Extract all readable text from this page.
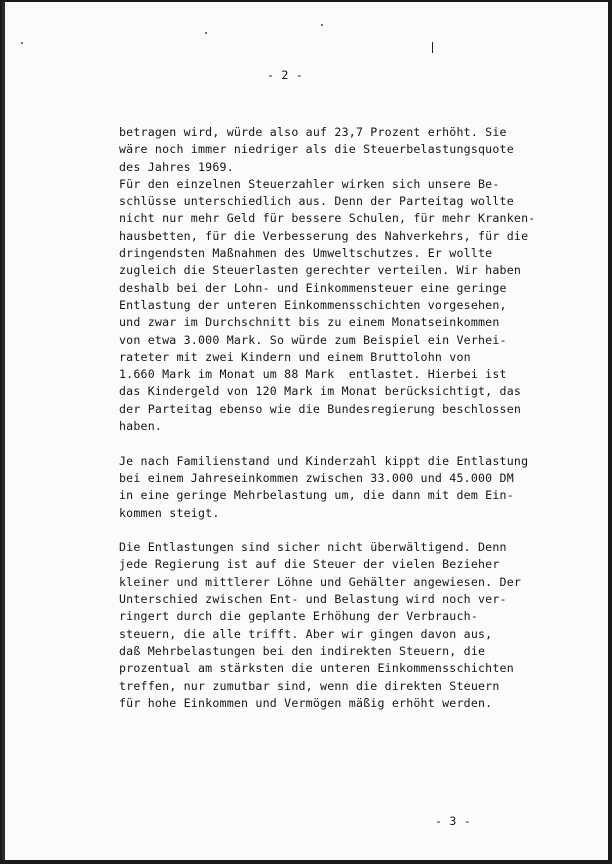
- 2 -
betragen wird, würde also auf 23,7 Prozent erhöht. Sie
wäre noch immer niedriger als die Steuerbelastungsquote
des Jahres 1969.
Für den einzelnen Steuerzahler wirken sich unsere Be-
schlüsse unterschiedlich aus. Denn der Parteitag wollte
nicht nur mehr Geld für bessere Schulen, für mehr Kranken-
hausbetten, für die Verbesserung des Nahverkehrs, für die
dringendsten Maßnahmen des Umweltschutzes. Er wollte
zugleich die Steuerlasten gerechter verteilen. Wir haben
deshalb bei der Lohn- und Einkommensteuer eine geringe
Entlastung der unteren Einkommensschichten vorgesehen,
und zwar im Durchschnitt bis zu einem Monatseinkommen
von etwa 3.000 Mark. So würde zum Beispiel ein Verhei-
rateter mit zwei Kindern und einem Bruttolohn von
1.660 Mark im Monat um 88 Mark  entlastet. Hierbei ist
das Kindergeld von 120 Mark im Monat berücksichtigt, das
der Parteitag ebenso wie die Bundesregierung beschlossen
haben.
Je nach Familienstand und Kinderzahl kippt die Entlastung
bei einem Jahreseinkommen zwischen 33.000 und 45.000 DM
in eine geringe Mehrbelastung um, die dann mit dem Ein-
kommen steigt.
Die Entlastungen sind sicher nicht überwältigend. Denn
jede Regierung ist auf die Steuer der vielen Bezieher
kleiner und mittlerer Löhne und Gehälter angewiesen. Der
Unterschied zwischen Ent- und Belastung wird noch ver-
ringert durch die geplante Erhöhung der Verbrauch-
steuern, die alle trifft. Aber wir gingen davon aus,
daß Mehrbelastungen bei den indirekten Steuern, die
prozentual am stärksten die unteren Einkommensschichten
treffen, nur zumutbar sind, wenn die direkten Steuern
für hohe Einkommen und Vermögen mäßig erhöht werden.
- 3 -
